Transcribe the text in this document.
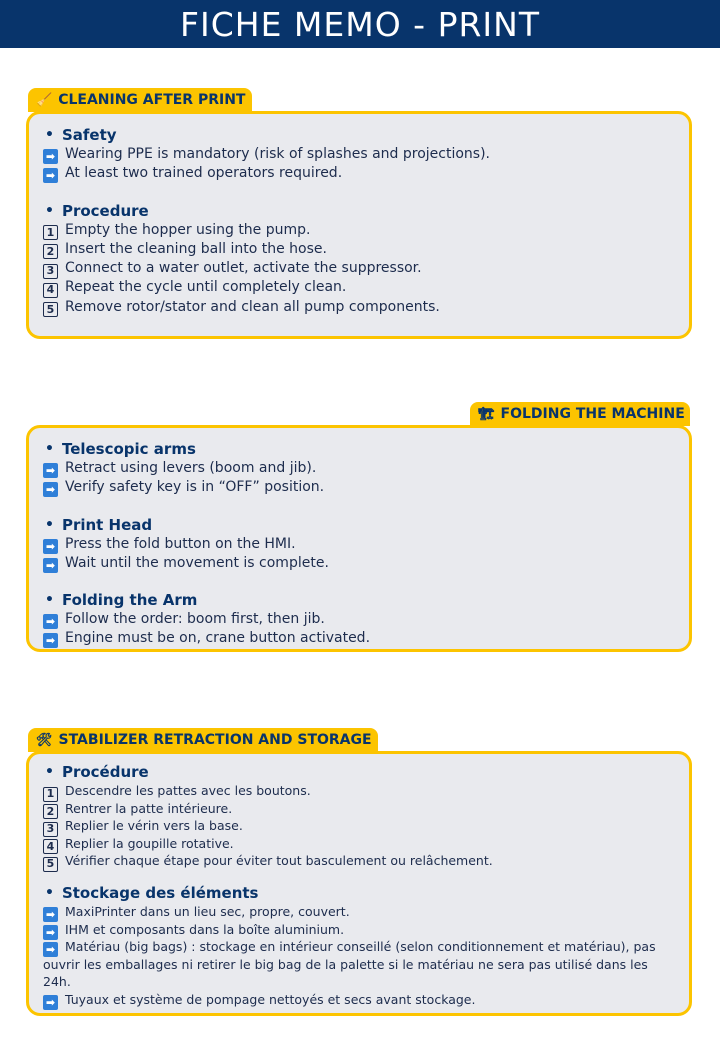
FICHE MEMO - PRINT
🧹 CLEANING AFTER PRINT
• Safety
➡ Wearing PPE is mandatory (risk of splashes and projections).
➡ At least two trained operators required.
• Procedure
1 Empty the hopper using the pump.
2 Insert the cleaning ball into the hose.
3 Connect to a water outlet, activate the suppressor.
4 Repeat the cycle until completely clean.
5 Remove rotor/stator and clean all pump components.
🏗 FOLDING THE MACHINE
• Telescopic arms
➡ Retract using levers (boom and jib).
➡ Verify safety key is in “OFF” position.
• Print Head
➡ Press the fold button on the HMI.
➡ Wait until the movement is complete.
• Folding the Arm
➡ Follow the order: boom first, then jib.
➡ Engine must be on, crane button activated.
🛠 STABILIZER RETRACTION AND STORAGE
• Procédure
1 Descendre les pattes avec les boutons.
2 Rentrer la patte intérieure.
3 Replier le vérin vers la base.
4 Replier la goupille rotative.
5 Vérifier chaque étape pour éviter tout basculement ou relâchement.
• Stockage des éléments
➡ MaxiPrinter dans un lieu sec, propre, couvert.
➡ IHM et composants dans la boîte aluminium.
➡ Matériau (big bags) : stockage en intérieur conseillé (selon conditionnement et matériau), pas ouvrir les emballages ni retirer le big bag de la palette si le matériau ne sera pas utilisé dans les 24h.
➡ Tuyaux et système de pompage nettoyés et secs avant stockage.
